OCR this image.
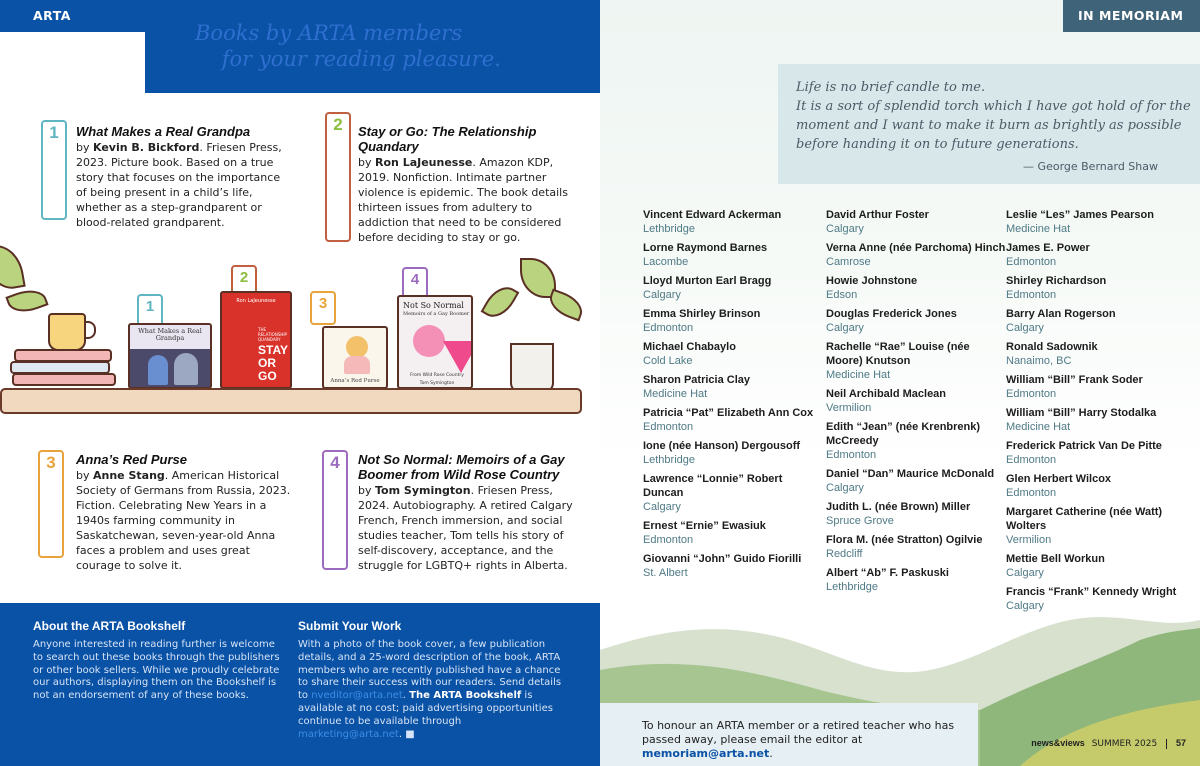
ARTA BOOKSHELF
Books by ARTA members
for your reading pleasure.
1	What Makes a Real Grandpa
by Kevin B. Bickford. Friesen Press, 2023. Picture book. Based on a true story that focuses on the importance of being present in a child’s life, whether as a step-grandparent or blood-related grandparent.
2	Stay or Go: The Relationship Quandary
by Ron LaJeunesse. Amazon KDP, 2019. Nonfiction. Intimate partner violence is epidemic. The book details thirteen issues from adultery to addiction that need to be considered before deciding to stay or go.
1
What Makes a Real Grandpa
2
Ron LaJeunesse
THE RELATIONSHIP QUANDARY
STAY
OR
GO
3
Anna’s Red Purse
4
Not So Normal
Memoirs of a Gay Boomer
From Wild Rose Country
Tom Symington
3	Anna’s Red Purse
by Anne Stang. American Historical Society of Germans from Russia, 2023. Fiction. Celebrating New Years in a 1940s farming community in Saskatchewan, seven-year-old Anna faces a problem and uses great courage to solve it.
4	Not So Normal: Memoirs of a Gay Boomer from Wild Rose Country
by Tom Symington. Friesen Press, 2024. Autobiography. A retired Calgary French, French immersion, and social studies teacher, Tom tells his story of self-discovery, acceptance, and the struggle for LGBTQ+ rights in Alberta.
About the ARTA Bookshelf

Anyone interested in reading further is welcome to search out these books through the publishers or other book sellers. While we proudly celebrate our authors, displaying them on the Bookshelf is not an endorsement of any of these books.

Submit Your Work

With a photo of the book cover, a few publication details, and a 25-word description of the book, ARTA members who are recently published have a chance to share their success with our readers. Send details to nveditor@arta.net. The ARTA Bookshelf is available at no cost; paid advertising opportunities continue to be available through marketing@arta.net. ■

IN MEMORIAM
Life is no brief candle to me.
It is a sort of splendid torch which I have got hold of for the moment and I want to make it burn as brightly as possible before handing it on to future generations.
— George Bernard Shaw
Vincent Edward Ackerman
Lethbridge
Lorne Raymond Barnes
Lacombe
Lloyd Murton Earl Bragg
Calgary
Emma Shirley Brinson
Edmonton
Michael Chabaylo
Cold Lake
Sharon Patricia Clay
Medicine Hat
Patricia “Pat” Elizabeth Ann Cox
Edmonton
Ione (née Hanson) Dergousoff
Lethbridge
Lawrence “Lonnie” Robert Duncan
Calgary
Ernest “Ernie” Ewasiuk
Edmonton
Giovanni “John” Guido Fiorilli
St. Albert
David Arthur Foster
Calgary
Verna Anne (née Parchoma) Hinch
Camrose
Howie Johnstone
Edson
Douglas Frederick Jones
Calgary
Rachelle “Rae” Louise (née Moore) Knutson
Medicine Hat
Neil Archibald Maclean
Vermilion
Edith “Jean” (née Krenbrenk) McCreedy
Edmonton
Daniel “Dan” Maurice McDonald
Calgary
Judith L. (née Brown) Miller
Spruce Grove
Flora M. (née Stratton) Ogilvie
Redcliff
Albert “Ab” F. Paskuski
Lethbridge
Leslie “Les” James Pearson
Medicine Hat
James E. Power
Edmonton
Shirley Richardson
Edmonton
Barry Alan Rogerson
Calgary
Ronald Sadownik
Nanaimo, BC
William “Bill” Frank Soder
Edmonton
William “Bill” Harry Stodalka
Medicine Hat
Frederick Patrick Van De Pitte
Edmonton
Glen Herbert Wilcox
Edmonton
Margaret Catherine (née Watt) Wolters
Vermilion
Mettie Bell Workun
Calgary
Francis “Frank” Kennedy Wright
Calgary

To honour an ARTA member or a retired teacher who has passed away, please email the editor at memoriam@arta.net.

news&views SUMMER 2025 57
